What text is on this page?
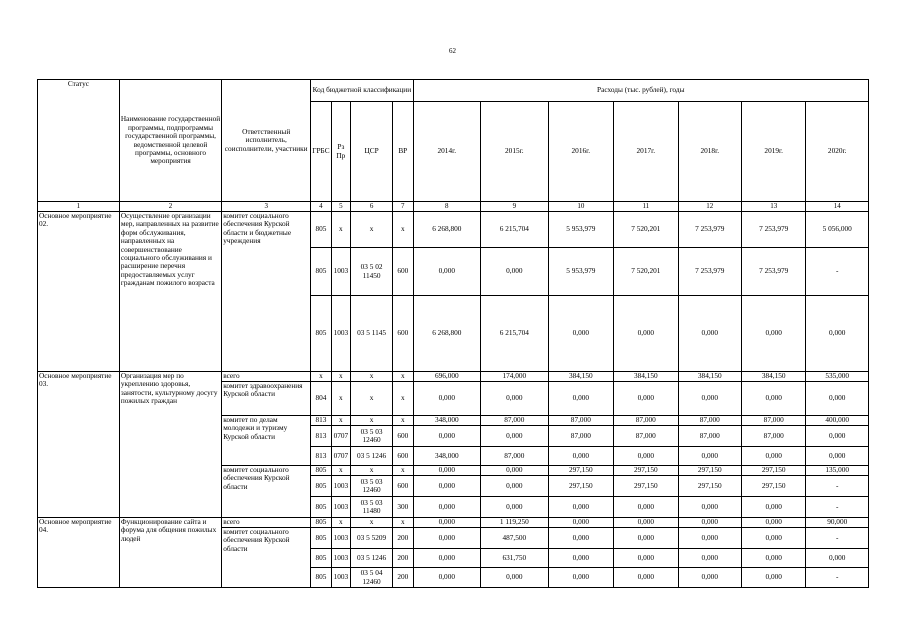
62
Статус	Наименование государственной программы, подпрограммы государственной программы, ведомственной целевой программы, основного мероприятия	Ответственный исполнитель, соисполнители, участники	Код бюджетной классификации				Расходы (тыс. рублей), годы						
			ГРБС	Рз Пр	ЦСР	ВР	2014г.	2015г.	2016г.	2017г.	2018г.	2019г.	2020г.
1	2	3	4	5	6	7	8	9	10	11	12	13	14
Основное мероприятие 02.	Осуществление организации мер, направленных на развитие форм обслуживания, направленных на совершенствование социального обслуживания и расширение перечня предоставляемых услуг гражданам пожилого возраста	комитет социального обеспечения Курской области и бюджетные учреждения	805	х	х	х	6 268,800	6 215,704	5 953,979	7 520,201	7 253,979	7 253,979	5 056,000
			805	1003	03 5 02 11450	600	0,000	0,000	5 953,979	7 520,201	7 253,979	7 253,979	-
			805	1003	03 5 1145	600	6 268,800	6 215,704	0,000	0,000	0,000	0,000	0,000
Основное мероприятие 03.	Организация мер по укреплению здоровья, занятости, культурному досугу пожилых граждан	всего	х	х	х	х	696,000	174,000	384,150	384,150	384,150	384,150	535,000
		комитет здравоохранения Курской области	804	х	х	х	0,000	0,000	0,000	0,000	0,000	0,000	0,000
		комитет по делам молодежи и туризму Курской области	813	х	х	х	348,000	87,000	87,000	87,000	87,000	87,000	400,000
			813	0707	03 5 03 12460	600	0,000	0,000	87,000	87,000	87,000	87,000	0,000
			813	0707	03 5 1246	600	348,000	87,000	0,000	0,000	0,000	0,000	0,000
		комитет социального обеспечения Курской области	805	х	х	х	0,000	0,000	297,150	297,150	297,150	297,150	135,000
			805	1003	03 5 03 12460	600	0,000	0,000	297,150	297,150	297,150	297,150	-
			805	1003	03 5 03 11480	300	0,000	0,000	0,000	0,000	0,000	0,000	-
Основное мероприятие 04.	Функционирование сайта и форума для общения пожилых людей	всего	805	х	х	х	0,000	1 119,250	0,000	0,000	0,000	0,000	90,000
		комитет социального обеспечения Курской области	805	1003	03 5 5209	200	0,000	487,500	0,000	0,000	0,000	0,000	-
			805	1003	03 5 1246	200	0,000	631,750	0,000	0,000	0,000	0,000	0,000
			805	1003	03 5 04 12460	200	0,000	0,000	0,000	0,000	0,000	0,000	-
